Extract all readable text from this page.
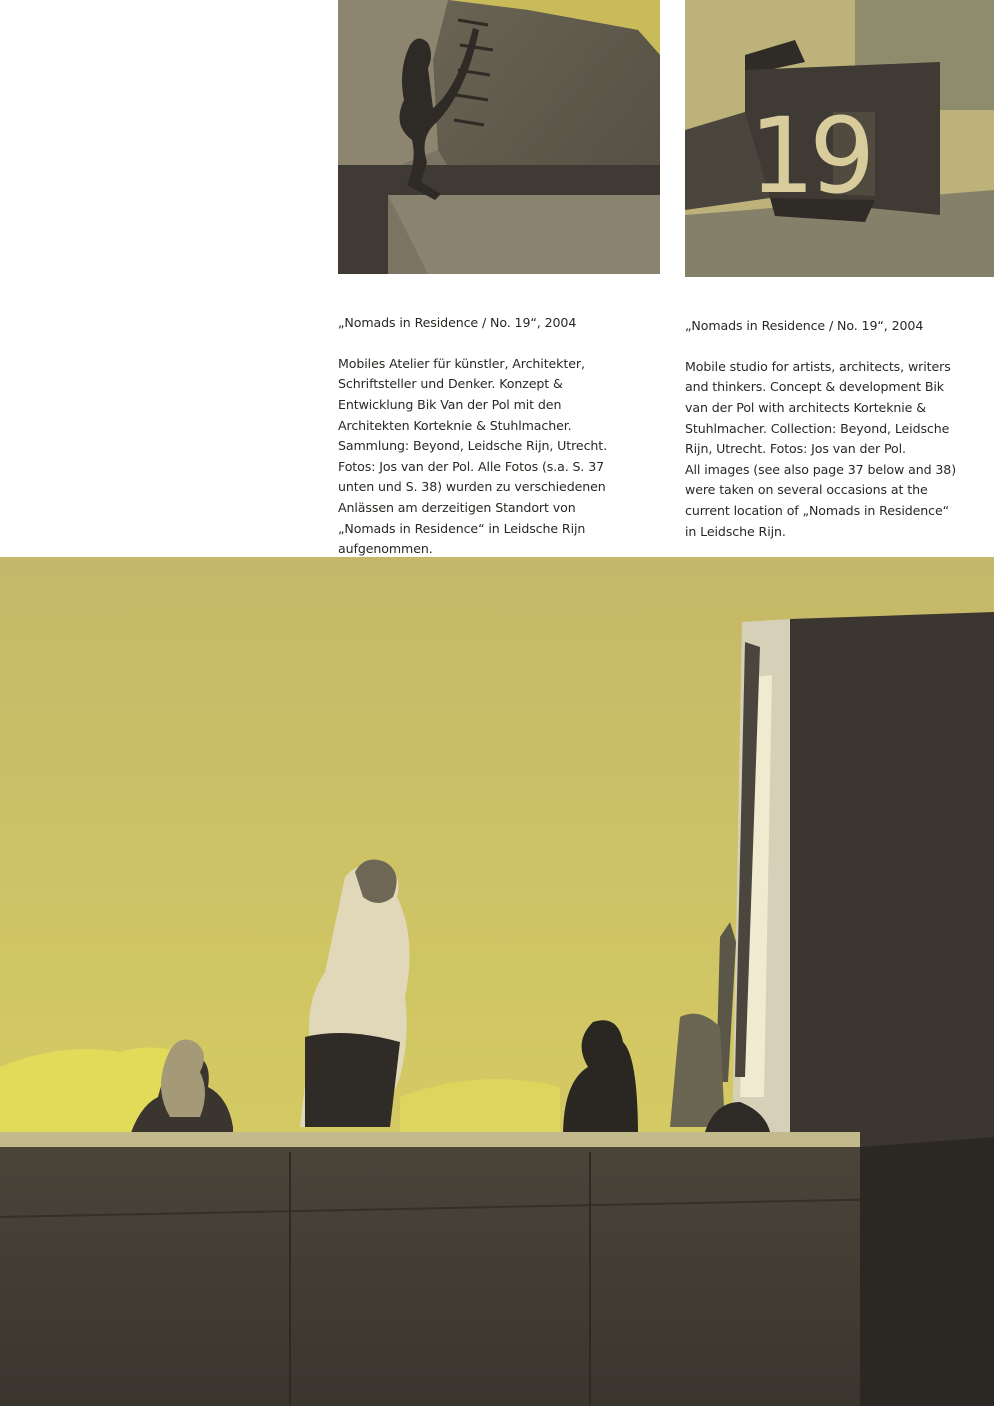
19

„Nomads in Residence / No. 19“, 2004

Mobiles Atelier für künstler, Architekter,
Schriftsteller und Denker. Konzept &
Entwicklung Bik Van der Pol mit den
Architekten Korteknie & Stuhlmacher.
Sammlung: Beyond, Leidsche Rijn, Utrecht.
Fotos: Jos van der Pol. Alle Fotos (s.a. S. 37
unten und S. 38) wurden zu verschiedenen
Anlässen am derzeitigen Standort von
„Nomads in Residence“ in Leidsche Rijn
aufgenommen.

„Nomads in Residence / No. 19“, 2004

Mobile studio for artists, architects, writers
and thinkers. Concept & development Bik
van der Pol with architects Korteknie &
Stuhlmacher. Collection: Beyond, Leidsche
Rijn, Utrecht. Fotos: Jos van der Pol.
All images (see also page 37 below and 38)
were taken on several occasions at the
current location of „Nomads in Residence“
in Leidsche Rijn.
